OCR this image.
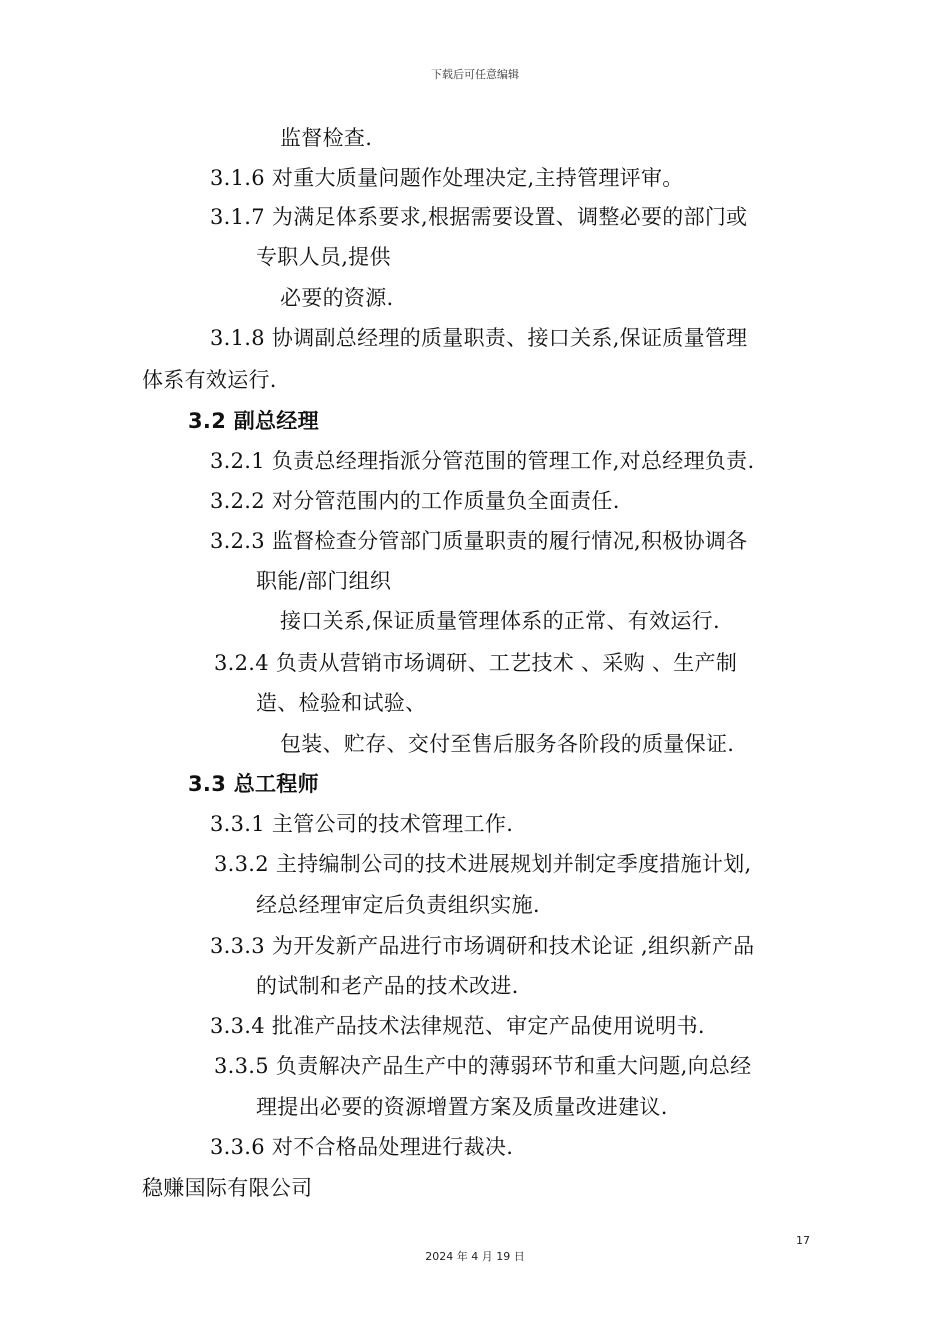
下载后可任意编辑
监督检查.
3.1.6 对重大质量问题作处理决定,主持管理评审。
3.1.7 为满足体系要求,根据需要设置、调整必要的部门或
专职人员,提供
必要的资源.
3.1.8 协调副总经理的质量职责、接口关系,保证质量管理
体系有效运行.
3.2 副总经理
3.2.1 负责总经理指派分管范围的管理工作,对总经理负责.
3.2.2 对分管范围内的工作质量负全面责任.
3.2.3 监督检查分管部门质量职责的履行情况,积极协调各
职能/部门组织
接口关系,保证质量管理体系的正常、有效运行.
3.2.4 负责从营销市场调研、工艺技术 、采购 、生产制
造、检验和试验、
包装、贮存、交付至售后服务各阶段的质量保证.
3.3 总工程师
3.3.1 主管公司的技术管理工作.
3.3.2 主持编制公司的技术进展规划并制定季度措施计划,
经总经理审定后负责组织实施.
3.3.3 为开发新产品进行市场调研和技术论证 ,组织新产品
的试制和老产品的技术改进.
3.3.4 批准产品技术法律规范、审定产品使用说明书.
3.3.5 负责解决产品生产中的薄弱环节和重大问题,向总经
理提出必要的资源增置方案及质量改进建议.
3.3.6 对不合格品处理进行裁决.
稳赚国际有限公司
17
2024 年 4 月 19 日
